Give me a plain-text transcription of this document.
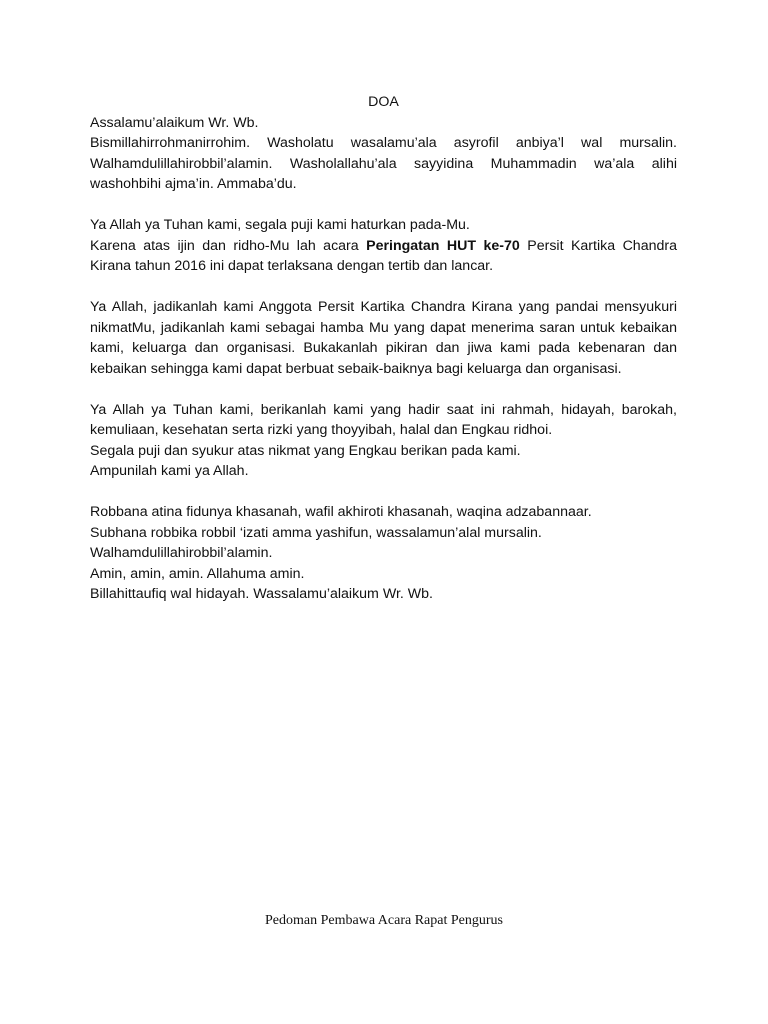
DOA

Assalamu’alaikum Wr. Wb.

Bismillahirrohmanirrohim. Washolatu wasalamu’ala asyrofil anbiya’l wal mursalin. Walhamdulillahirobbil’alamin. Washolallahu’ala sayyidina Muhammadin wa’ala alihi washohbihi ajma’in. Ammaba’du.

Ya Allah ya Tuhan kami, segala puji kami haturkan pada-Mu.

Karena atas ijin dan ridho-Mu lah acara Peringatan HUT ke-70 Persit Kartika Chandra Kirana tahun 2016 ini dapat terlaksana dengan tertib dan lancar.

Ya Allah, jadikanlah kami Anggota Persit Kartika Chandra Kirana yang pandai mensyukuri nikmatMu, jadikanlah kami sebagai hamba Mu yang dapat menerima saran untuk kebaikan kami, keluarga dan organisasi. Bukakanlah pikiran dan jiwa kami pada kebenaran dan kebaikan sehingga kami dapat berbuat sebaik-baiknya bagi keluarga dan organisasi.

Ya Allah ya Tuhan kami, berikanlah kami yang hadir saat ini rahmah, hidayah, barokah, kemuliaan, kesehatan serta rizki yang thoyyibah, halal dan Engkau ridhoi.

Segala puji dan syukur atas nikmat yang Engkau berikan pada kami.

Ampunilah kami ya Allah.

Robbana atina fidunya khasanah, wafil akhiroti khasanah, waqina adzabannaar.

Subhana robbika robbil ‘izati amma yashifun, wassalamun’alal mursalin.

Walhamdulillahirobbil’alamin.

Amin, amin, amin. Allahuma amin.

Billahittaufiq wal hidayah. Wassalamu’alaikum Wr. Wb.

Pedoman Pembawa Acara Rapat Pengurus
